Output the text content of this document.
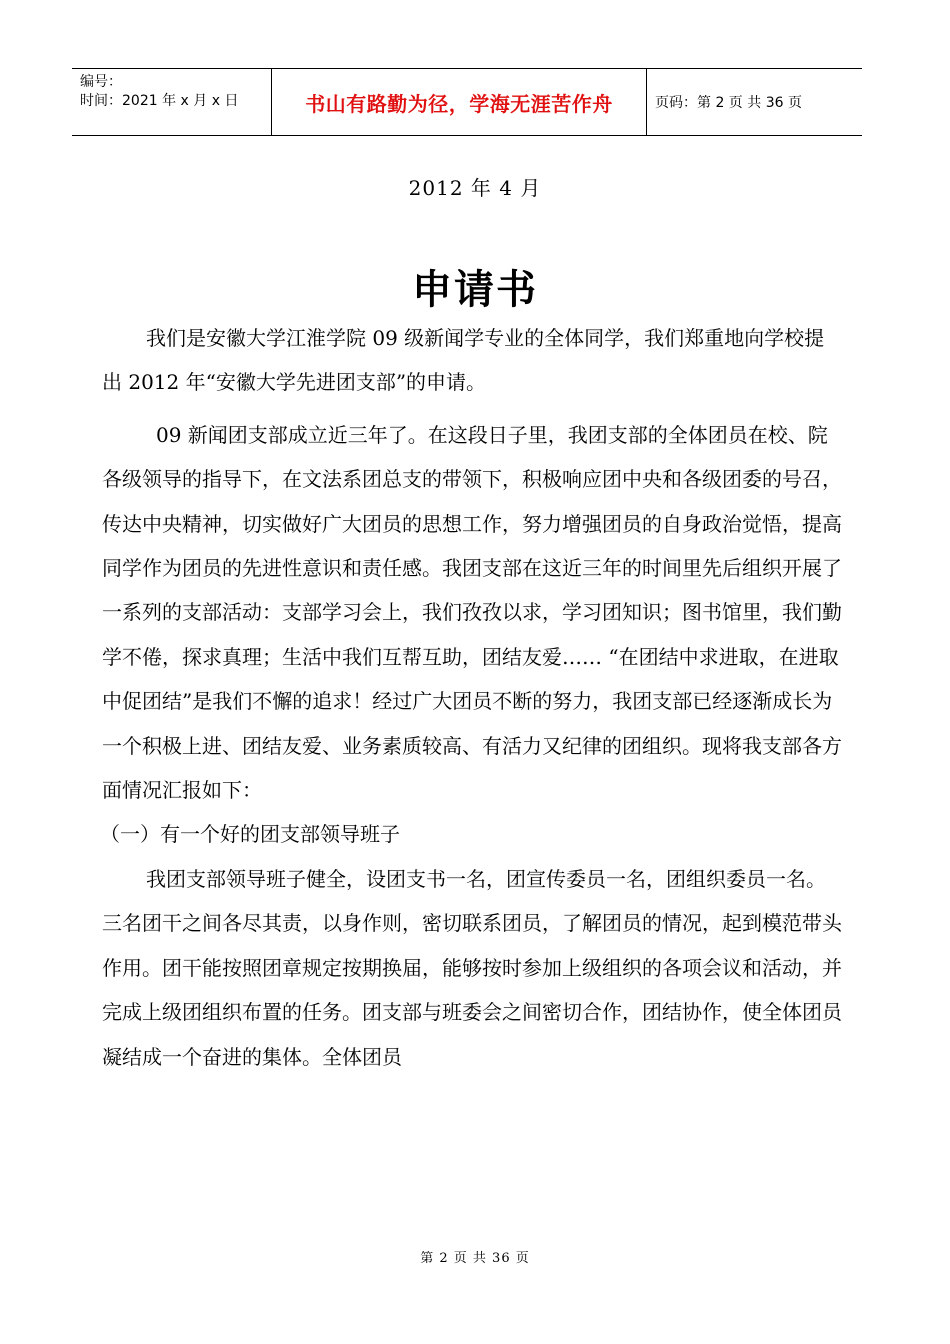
编号：
时间：2021 年 x 月 x 日	书山有路勤为径，学海无涯苦作舟	页码：第 2 页 共 36 页
2012 年 4 月
申请书

我们是安徽大学江淮学院 09 级新闻学专业的全体同学，我们郑重地向学校提出 2012 年“安徽大学先进团支部”的申请。

09 新闻团支部成立近三年了。在这段日子里，我团支部的全体团员在校、院各级领导的指导下，在文法系团总支的带领下，积极响应团中央和各级团委的号召，传达中央精神，切实做好广大团员的思想工作，努力增强团员的自身政治觉悟，提高同学作为团员的先进性意识和责任感。我团支部在这近三年的时间里先后组织开展了一系列的支部活动：支部学习会上，我们孜孜以求，学习团知识；图书馆里，我们勤学不倦，探求真理；生活中我们互帮互助，团结友爱…… “在团结中求进取，在进取中促团结”是我们不懈的追求！经过广大团员不断的努力，我团支部已经逐渐成长为一个积极上进、团结友爱、业务素质较高、有活力又纪律的团组织。现将我支部各方面情况汇报如下：

（一）有一个好的团支部领导班子

我团支部领导班子健全，设团支书一名，团宣传委员一名，团组织委员一名。三名团干之间各尽其责，以身作则，密切联系团员，了解团员的情况，起到模范带头作用。团干能按照团章规定按期换届，能够按时参加上级组织的各项会议和活动，并完成上级团组织布置的任务。团支部与班委会之间密切合作，团结协作，使全体团员凝结成一个奋进的集体。全体团员

第 2 页 共 36 页
